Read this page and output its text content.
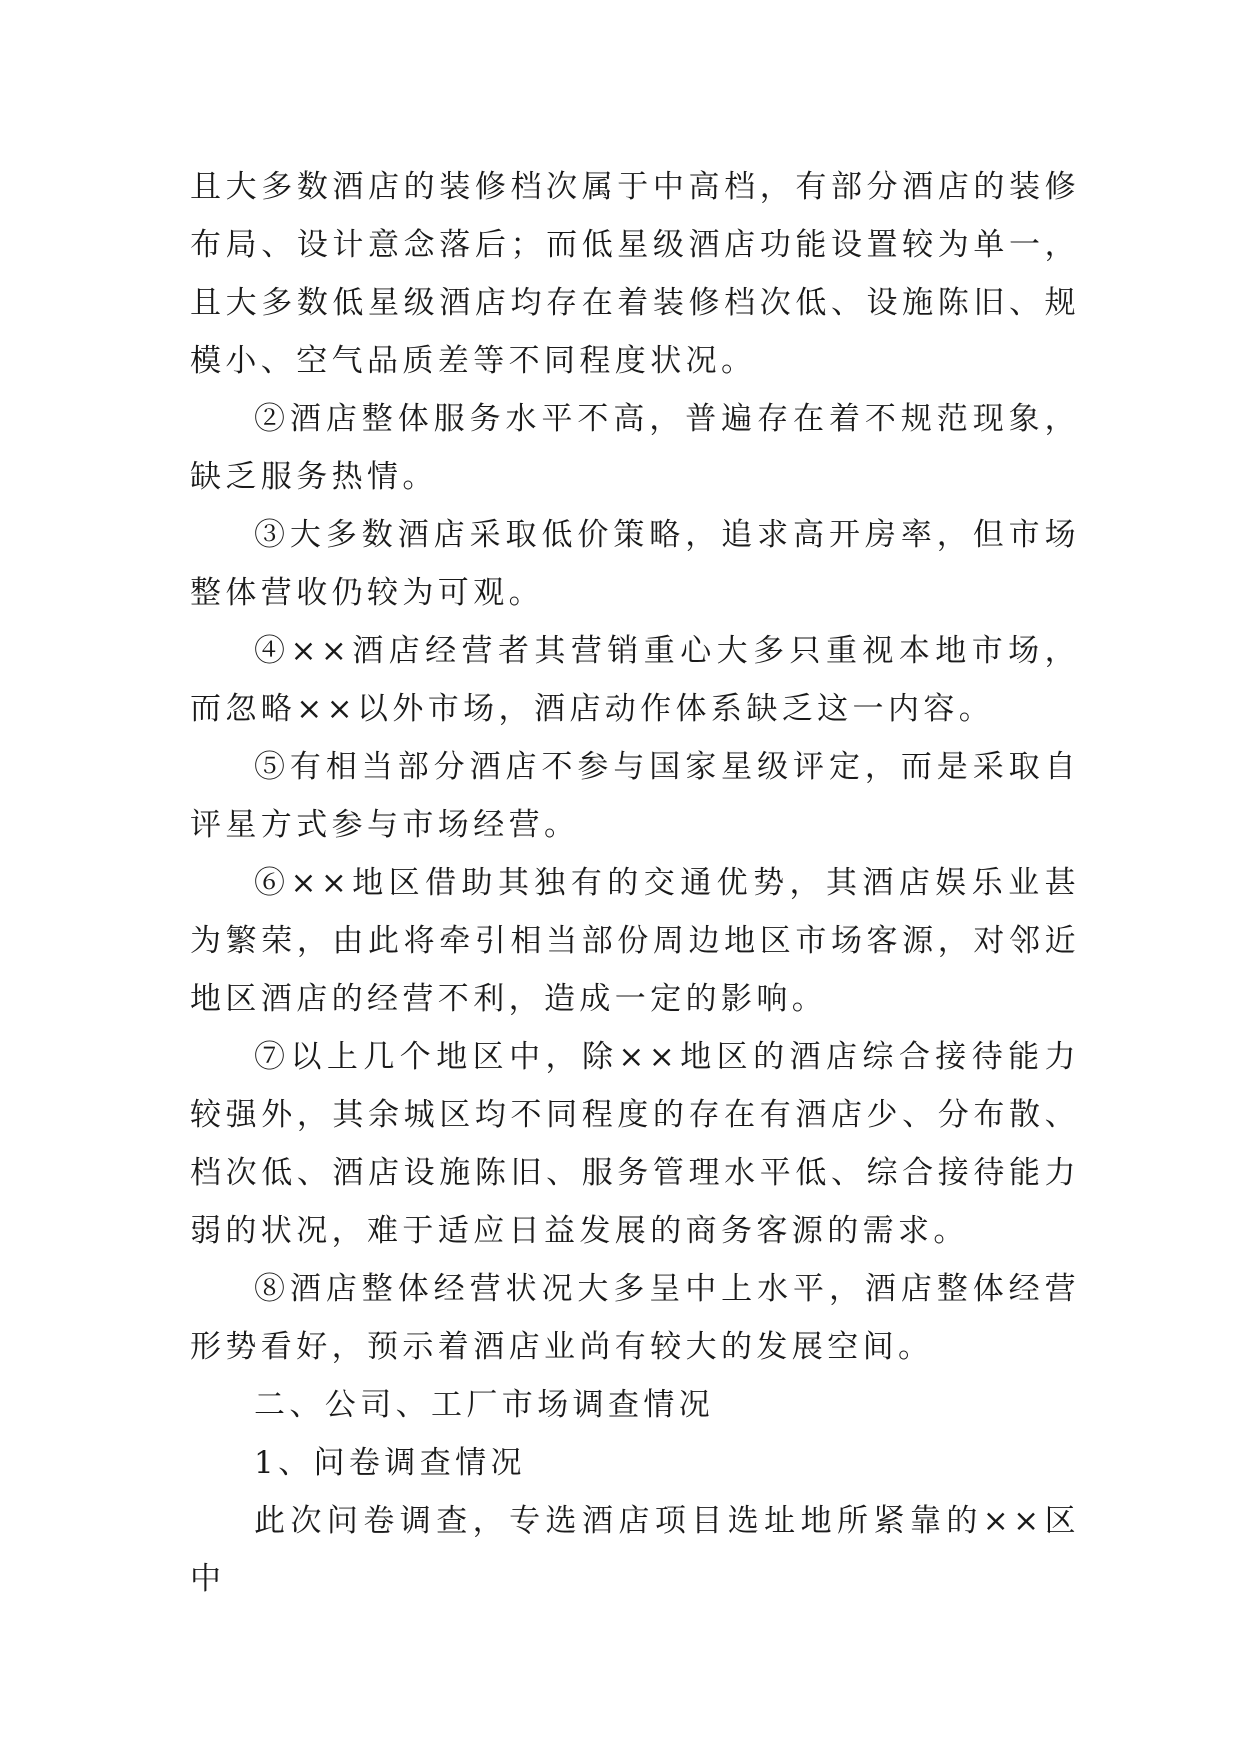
且大多数酒店的装修档次属于中高档，有部分酒店的装修布局、设计意念落后；而低星级酒店功能设置较为单一，且大多数低星级酒店均存在着装修档次低、设施陈旧、规模小、空气品质差等不同程度状况。

②酒店整体服务水平不高，普遍存在着不规范现象，缺乏服务热情。

③大多数酒店采取低价策略，追求高开房率，但市场整体营收仍较为可观。

④××酒店经营者其营销重心大多只重视本地市场，而忽略××以外市场，酒店动作体系缺乏这一内容。

⑤有相当部分酒店不参与国家星级评定，而是采取自评星方式参与市场经营。

⑥××地区借助其独有的交通优势，其酒店娱乐业甚为繁荣，由此将牵引相当部份周边地区市场客源，对邻近地区酒店的经营不利，造成一定的影响。

⑦以上几个地区中，除××地区的酒店综合接待能力较强外，其余城区均不同程度的存在有酒店少、分布散、档次低、酒店设施陈旧、服务管理水平低、综合接待能力弱的状况，难于适应日益发展的商务客源的需求。

⑧酒店整体经营状况大多呈中上水平，酒店整体经营形势看好，预示着酒店业尚有较大的发展空间。

二、公司、工厂市场调查情况

1、问卷调查情况

此次问卷调查，专选酒店项目选址地所紧靠的××区中
